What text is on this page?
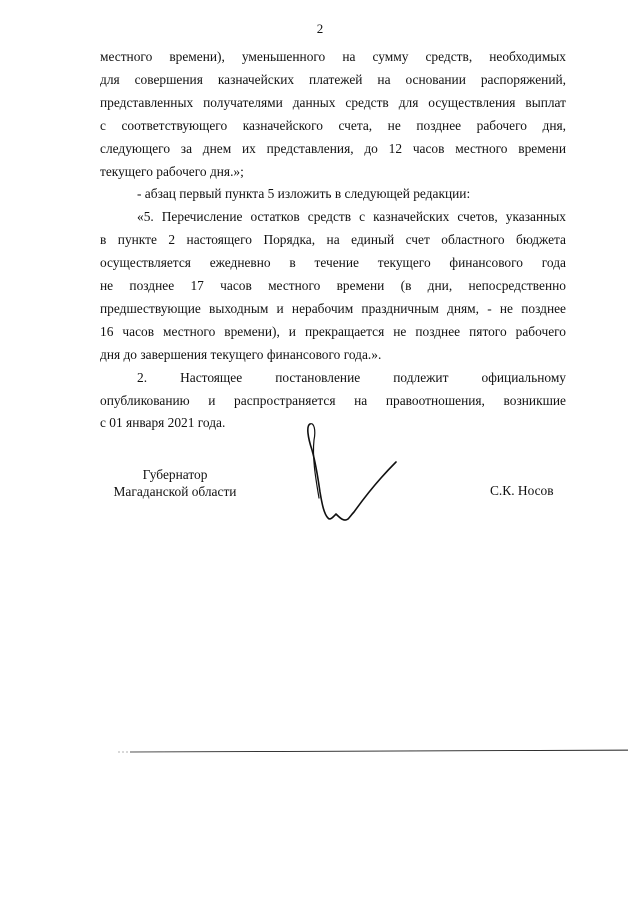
2
местного времени), уменьшенного на сумму средств, необходимых
для совершения казначейских платежей на основании распоряжений,
представленных получателями данных средств для осуществления выплат
с соответствующего казначейского счета, не позднее рабочего дня,
следующего за днем их представления, до 12 часов местного времени
текущего рабочего дня.»;
- абзац первый пункта 5 изложить в следующей редакции:
«5. Перечисление остатков средств с казначейских счетов, указанных
в пункте 2 настоящего Порядка, на единый счет областного бюджета
осуществляется ежедневно в течение текущего финансового года
не позднее 17 часов местного времени (в дни, непосредственно
предшествующие выходным и нерабочим праздничным дням, - не позднее
16 часов местного времени), и прекращается не позднее пятого рабочего
дня до завершения текущего финансового года.».
2. Настоящее постановление подлежит официальному
опубликованию и распространяется на правоотношения, возникшие
с 01 января 2021 года.
Губернатор
Магаданской области	С.К. Носов
